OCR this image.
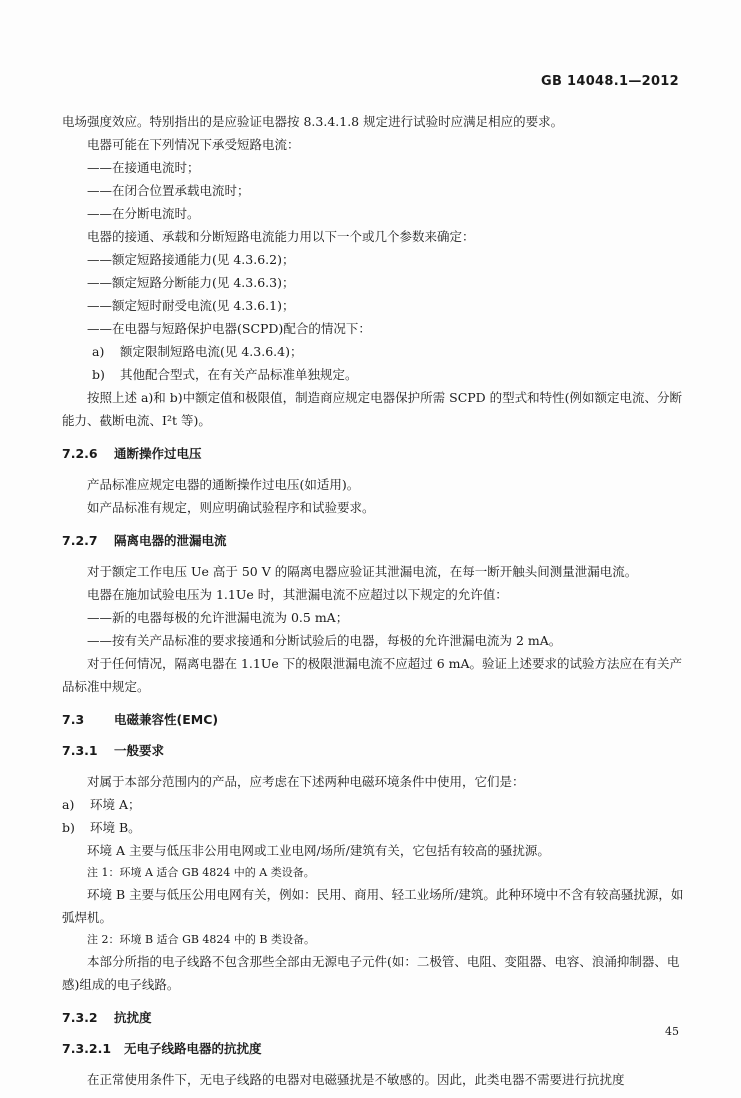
GB 14048.1—2012

电场强度效应。特别指出的是应验证电器按 8.3.4.1.8 规定进行试验时应满足相应的要求。

电器可能在下列情况下承受短路电流：

——在接通电流时；

——在闭合位置承载电流时；

——在分断电流时。

电器的接通、承载和分断短路电流能力用以下一个或几个参数来确定：

——额定短路接通能力(见 4.3.6.2)；

——额定短路分断能力(见 4.3.6.3)；

——额定短时耐受电流(见 4.3.6.1)；

——在电器与短路保护电器(SCPD)配合的情况下：

a) 额定限制短路电流(见 4.3.6.4)；

b) 其他配合型式，在有关产品标准单独规定。

按照上述 a)和 b)中额定值和极限值，制造商应规定电器保护所需 SCPD 的型式和特性(例如额定电流、分断能力、截断电流、I²t 等)。

7.2.6 通断操作过电压

产品标准应规定电器的通断操作过电压(如适用)。

如产品标准有规定，则应明确试验程序和试验要求。

7.2.7 隔离电器的泄漏电流

对于额定工作电压 Ue 高于 50 V 的隔离电器应验证其泄漏电流，在每一断开触头间测量泄漏电流。

电器在施加试验电压为 1.1Ue 时，其泄漏电流不应超过以下规定的允许值：

——新的电器每极的允许泄漏电流为 0.5 mA；

——按有关产品标准的要求接通和分断试验后的电器，每极的允许泄漏电流为 2 mA。

对于任何情况，隔离电器在 1.1Ue 下的极限泄漏电流不应超过 6 mA。验证上述要求的试验方法应在有关产品标准中规定。

7.3 电磁兼容性(EMC)
7.3.1 一般要求

对属于本部分范围内的产品，应考虑在下述两种电磁环境条件中使用，它们是：

a) 环境 A；

b) 环境 B。

环境 A 主要与低压非公用电网或工业电网/场所/建筑有关，它包括有较高的骚扰源。

注 1：环境 A 适合 GB 4824 中的 A 类设备。

环境 B 主要与低压公用电网有关，例如：民用、商用、轻工业场所/建筑。此种环境中不含有较高骚扰源，如弧焊机。

注 2：环境 B 适合 GB 4824 中的 B 类设备。

本部分所指的电子线路不包含那些全部由无源电子元件(如：二极管、电阻、变阻器、电容、浪涌抑制器、电感)组成的电子线路。

7.3.2 抗扰度
7.3.2.1 无电子线路电器的抗扰度

在正常使用条件下，无电子线路的电器对电磁骚扰是不敏感的。因此，此类电器不需要进行抗扰度

45
